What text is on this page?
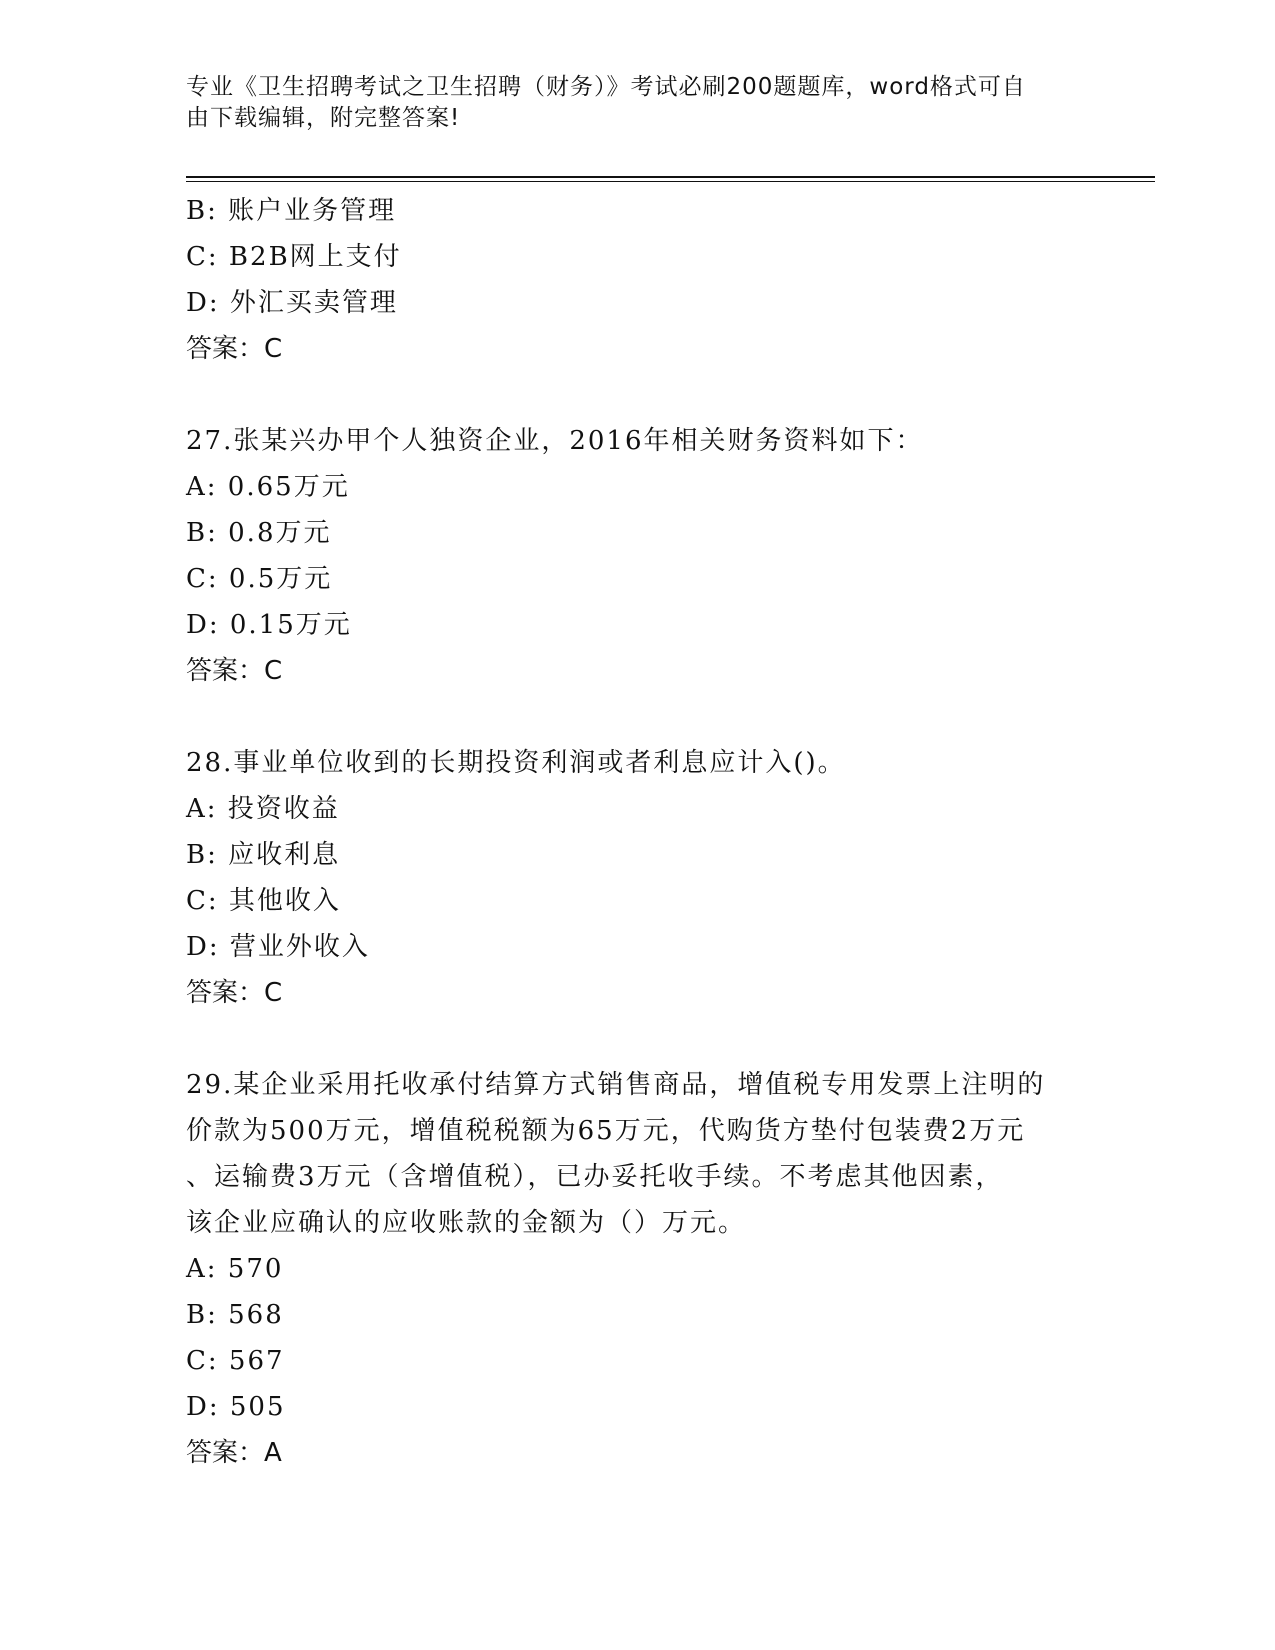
专业《卫生招聘考试之卫生招聘（财务）》考试必刷200题题库，word格式可自
由下载编辑，附完整答案!
B: 账户业务管理
C: B2B网上支付
D: 外汇买卖管理
答案：C
27.张某兴办甲个人独资企业，2016年相关财务资料如下：
A: 0.65万元
B: 0.8万元
C: 0.5万元
D: 0.15万元
答案：C
28.事业单位收到的长期投资利润或者利息应计入()。
A: 投资收益
B: 应收利息
C: 其他收入
D: 营业外收入
答案：C
29.某企业采用托收承付结算方式销售商品，增值税专用发票上注明的
价款为500万元，增值税税额为65万元，代购货方垫付包装费2万元
、运输费3万元（含增值税），已办妥托收手续。不考虑其他因素，
该企业应确认的应收账款的金额为（）万元。
A: 570
B: 568
C: 567
D: 505
答案：A
